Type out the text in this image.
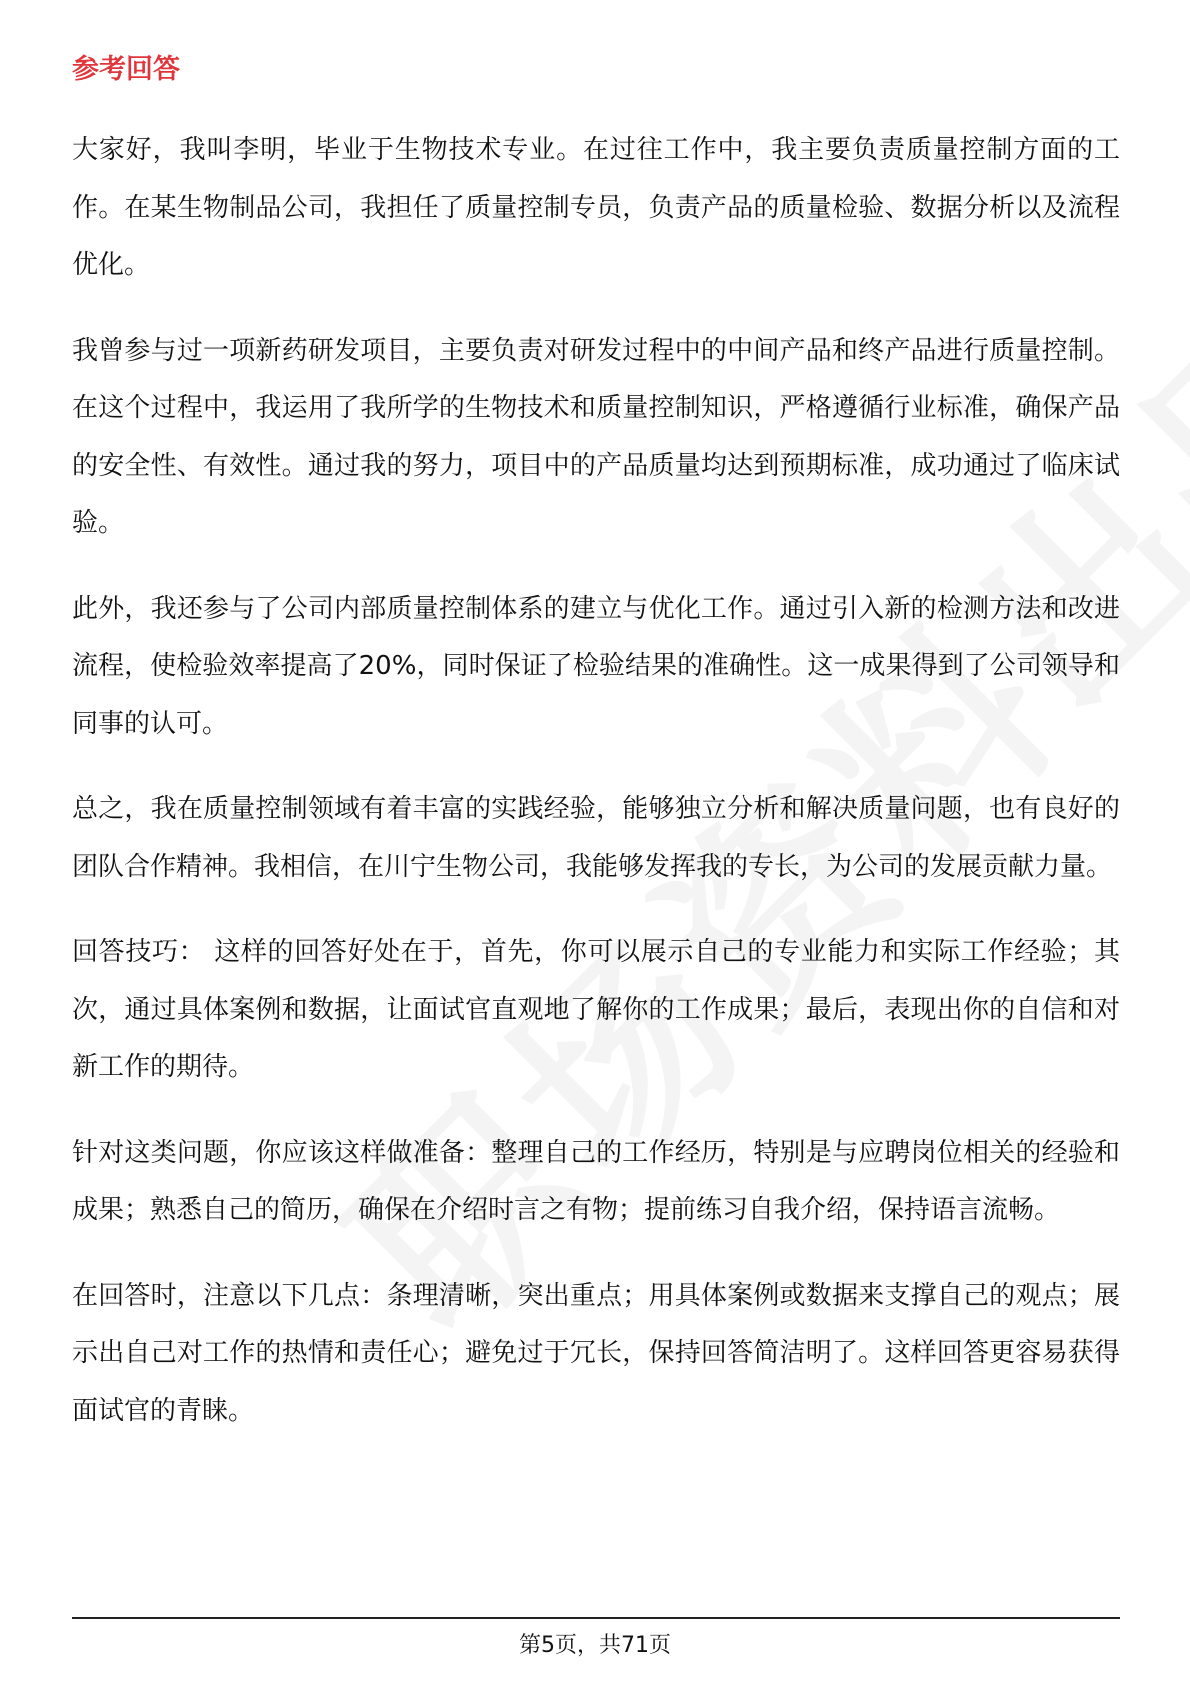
参考回答

大家好，我叫李明，毕业于生物技术专业。在过往工作中，我主要负责质量控制方面的工作。在某生物制品公司，我担任了质量控制专员，负责产品的质量检验、数据分析以及流程优化。

我曾参与过一项新药研发项目，主要负责对研发过程中的中间产品和终产品进行质量控制。在这个过程中，我运用了我所学的生物技术和质量控制知识，严格遵循行业标准，确保产品的安全性、有效性。通过我的努力，项目中的产品质量均达到预期标准，成功通过了临床试验。

此外，我还参与了公司内部质量控制体系的建立与优化工作。通过引入新的检测方法和改进流程，使检验效率提高了20%，同时保证了检验结果的准确性。这一成果得到了公司领导和同事的认可。

总之，我在质量控制领域有着丰富的实践经验，能够独立分析和解决质量问题，也有良好的团队合作精神。我相信，在川宁生物公司，我能够发挥我的专长，为公司的发展贡献力量。

回答技巧： 这样的回答好处在于，首先，你可以展示自己的专业能力和实际工作经验；其次，通过具体案例和数据，让面试官直观地了解你的工作成果；最后，表现出你的自信和对新工作的期待。

针对这类问题，你应该这样做准备：整理自己的工作经历，特别是与应聘岗位相关的经验和成果；熟悉自己的简历，确保在介绍时言之有物；提前练习自我介绍，保持语言流畅。

在回答时，注意以下几点：条理清晰，突出重点；用具体案例或数据来支撑自己的观点；展示出自己对工作的热情和责任心；避免过于冗长，保持回答简洁明了。这样回答更容易获得面试官的青睐。

第5页，共71页
